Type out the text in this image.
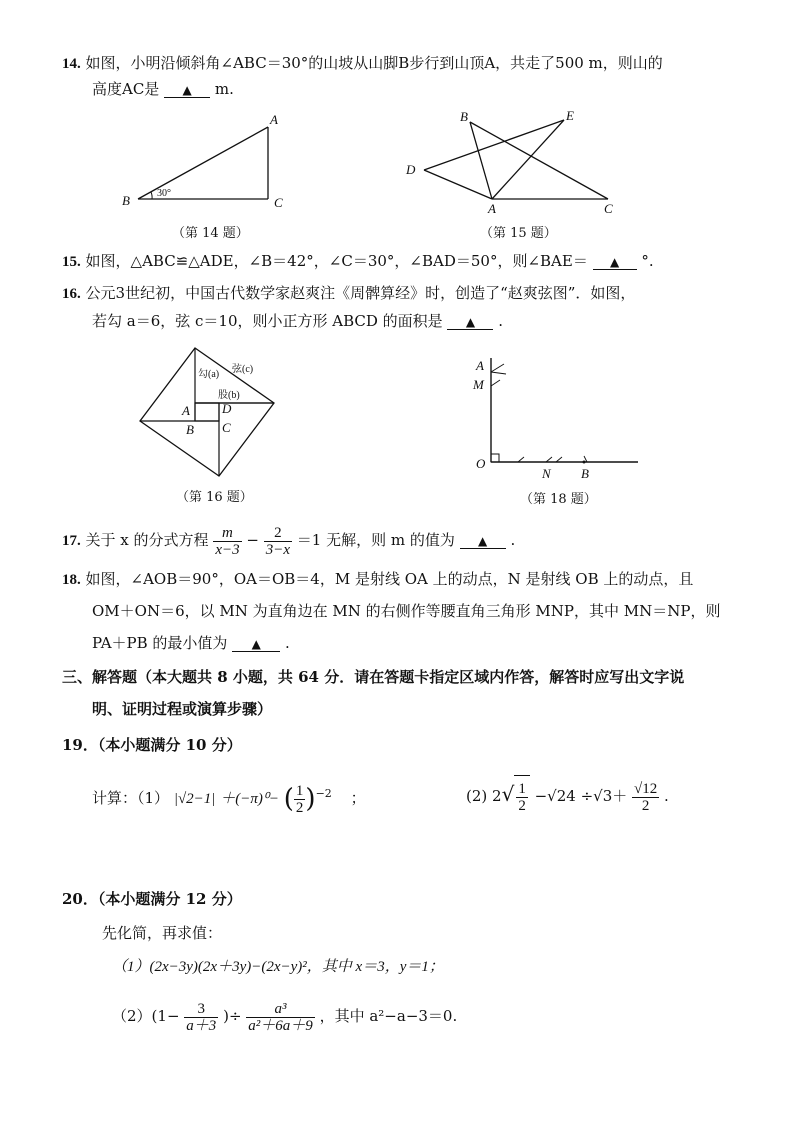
14. 如图，小明沿倾斜角∠ABC＝30°的山坡从山脚B步行到山顶A，共走了500 m，则山的
高度AC是 ▲ m.
A
B	C
30°
（第 14 题）
B	E
D
A	C
（第 15 题）
15. 如图，△ABC≌△ADE，∠B＝42°，∠C＝30°，∠BAD＝50°，则∠BAE＝ ▲ °.
16. 公元3世纪初，中国古代数学家赵爽注《周髀算经》时，创造了“赵爽弦图”．如图，
若勾 a＝6，弦 c＝10，则小正方形 ABCD 的面积是 ▲ .
A D
B C
勾(a)
股(b)
弦(c)
（第 16 题）
A
M
O
N B
（第 18 题）
17. 关于 x 的分式方程 $\frac{m}{x-3} - \frac{2}{3-x} =1$ 无解，则 m 的值为 ▲ .
18. 如图，∠AOB＝90°，OA＝OB＝4，M 是射线 OA 上的动点，N 是射线 OB 上的动点，且
OM＋ON＝6，以 MN 为直角边在 MN 的右侧作等腰直角三角形 MNP，其中 MN＝NP，则
PA＋PB 的最小值为 ▲ .
三、解答题（本大题共 8 小题，共 64 分．请在答题卡指定区域内作答，解答时应写出文字说
明、证明过程或演算步骤）
19．（本小题满分 10 分）
计算：（1） |√2−1| ＋(−π)⁰− ( $\frac{1}{2} )^{-2}$ ；	(2) $2√ \frac{1}{2} -√24 \div√3+ \frac{√12}{2}$ .
20．（本小题满分 12 分）
先化简，再求值：
（1）(2x−3y)(2x＋3y)−(2x−y)²，其中 x＝3，y＝1；
$(2)(1- \frac{3}{a+3}$ )÷ $\frac{\text{a³}}{\text{a²＋6a＋9}}$ ，其中 a²−a−3＝0.
